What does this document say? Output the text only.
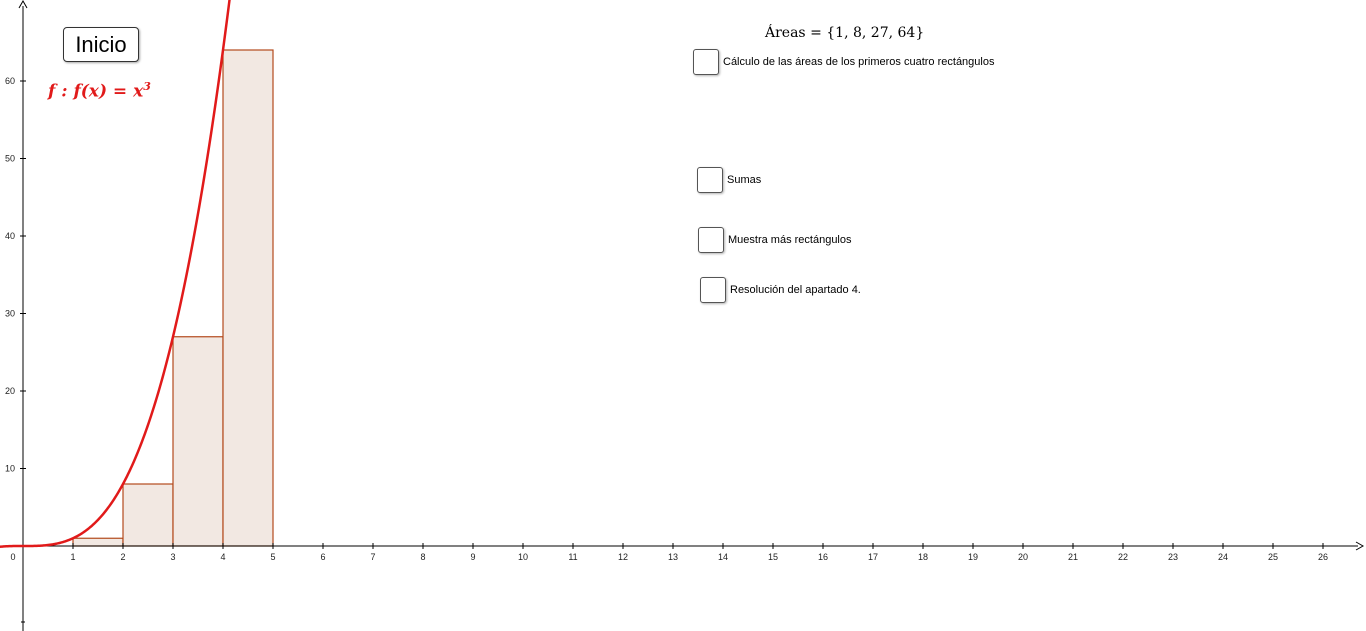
0	1	2	3	4	5	6	7	8	9	10	11	12	13	14	15	16	17	18	19	20	21	22	23	24	25	26
10
20
30
40
50
60
Inicio
f : $f(x) = x^3$
Áreas = {1, 8, 27, 64}
Cálculo de las áreas de los primeros cuatro rectángulos
Sumas
Muestra más rectángulos
Resolución del apartado 4.
